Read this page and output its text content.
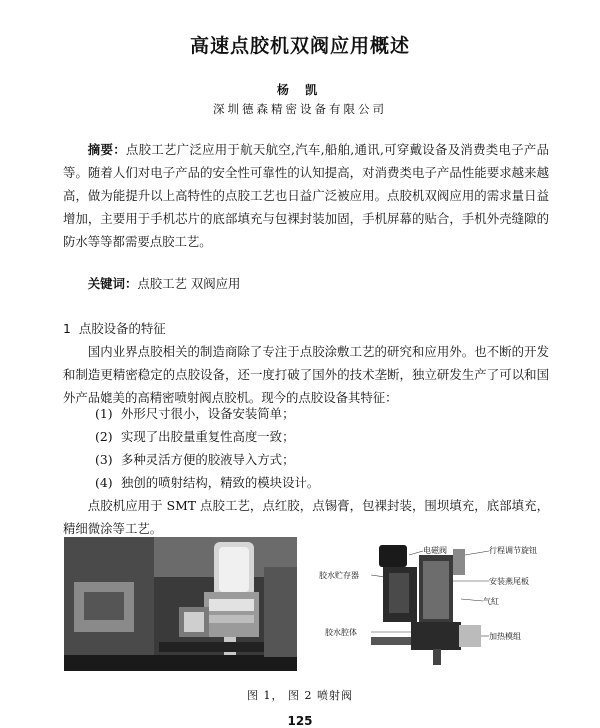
高速点胶机双阀应用概述
杨 凯
深圳德森精密设备有限公司
摘要：点胶工艺广泛应用于航天航空,汽车,船舶,通讯,可穿戴设备及消费类电子产品等。随着人们对电子产品的安全性可靠性的认知提高，对消费类电子产品性能要求越来越高，做为能提升以上高特性的点胶工艺也日益广泛被应用。点胶机双阀应用的需求量日益增加，主要用于手机芯片的底部填充与包裸封装加固，手机屏幕的贴合，手机外壳缝隙的防水等等都需要点胶工艺。
关键词：点胶工艺 双阀应用
1 点胶设备的特征
国内业界点胶相关的制造商除了专注于点胶涂敷工艺的研究和应用外。也不断的开发和制造更精密稳定的点胶设备，还一度打破了国外的技术垄断，独立研发生产了可以和国外产品媲美的高精密喷射阀点胶机。现今的点胶设备其特征：
(1) 外形尺寸很小，设备安装简单；
(2) 实现了出胶量重复性高度一致；
(3) 多种灵活方便的胶液导入方式；
(4) 独创的喷射结构，精致的模块设计。
点胶机应用于 SMT 点胶工艺，点红胶，点锡膏，包裸封装，围坝填充，底部填充，精细微涂等工艺。
电磁阀	行程调节旋钮
胶水贮存器
安装燕尾板
气紅
胶水腔体	加热模组
图 1， 图 2 喷射阀
125
